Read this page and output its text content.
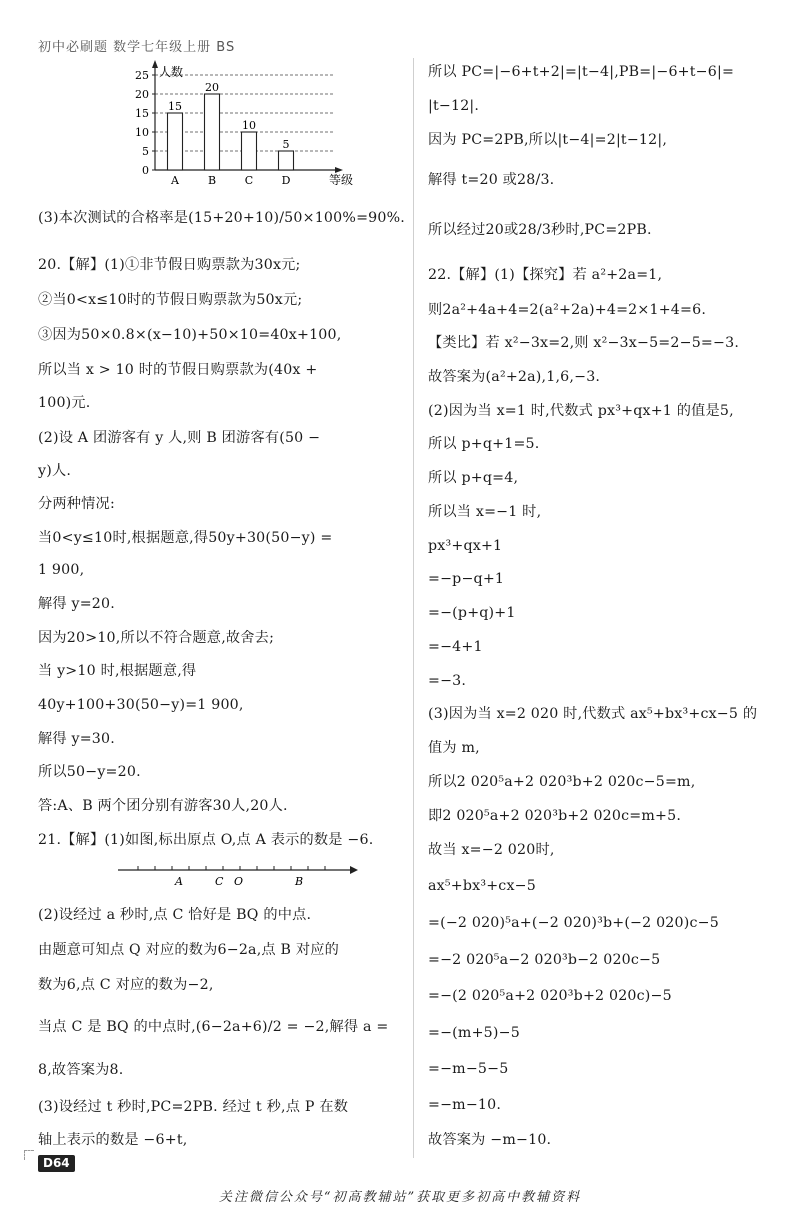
初中必刷题 数学七年级上册 BS
0
5
10
15
20
25 人数
等级
15
A
20
B
10
C
5
D
(3)本次测试的合格率是(15+20+10)/50×100%=90%.
20.【解】(1)①非节假日购票款为30x元;
②当0<x≤10时的节假日购票款为50x元;
③因为50×0.8×(x−10)+50×10=40x+100,
所以当 x > 10 时的节假日购票款为(40x +
100)元.
(2)设 A 团游客有 y 人,则 B 团游客有(50 −
y)人.
分两种情况:
当0<y≤10时,根据题意,得50y+30(50−y) =
1 900,
解得 y=20.
因为20>10,所以不符合题意,故舍去;
当 y>10 时,根据题意,得
40y+100+30(50−y)=1 900,
解得 y=30.
所以50−y=20.
答:A、B 两个团分别有游客30人,20人.
21.【解】(1)如图,标出原点 O,点 A 表示的数是 −6.
(2)设经过 a 秒时,点 C 恰好是 BQ 的中点.
由题意可知点 Q 对应的数为6−2a,点 B 对应的
数为6,点 C 对应的数为−2,
当点 C 是 BQ 的中点时,(6−2a+6)/2 = −2,解得 a =
8,故答案为8.
(3)设经过 t 秒时,PC=2PB. 经过 t 秒,点 P 在数
轴上表示的数是 −6+t,
A	C O	B
所以 PC=|−6+t+2|=|t−4|,PB=|−6+t−6|=
|t−12|.
因为 PC=2PB,所以|t−4|=2|t−12|,
解得 t=20 或28/3.
所以经过20或28/3秒时,PC=2PB.
22.【解】(1)【探究】若 a²+2a=1,
则2a²+4a+4=2(a²+2a)+4=2×1+4=6.
【类比】若 x²−3x=2,则 x²−3x−5=2−5=−3.
故答案为(a²+2a),1,6,−3.
(2)因为当 x=1 时,代数式 px³+qx+1 的值是5,
所以 p+q+1=5.
所以 p+q=4,
所以当 x=−1 时,
px³+qx+1
=−p−q+1
=−(p+q)+1
=−4+1
=−3.
(3)因为当 x=2 020 时,代数式 ax⁵+bx³+cx−5 的
值为 m,
所以2 020⁵a+2 020³b+2 020c−5=m,
即2 020⁵a+2 020³b+2 020c=m+5.
故当 x=−2 020时,
ax⁵+bx³+cx−5
=(−2 020)⁵a+(−2 020)³b+(−2 020)c−5
=−2 020⁵a−2 020³b−2 020c−5
=−(2 020⁵a+2 020³b+2 020c)−5
=−(m+5)−5
=−m−5−5
=−m−10.
故答案为 −m−10.
D64
关注微信公众号“初高教辅站”获取更多初高中教辅资料
